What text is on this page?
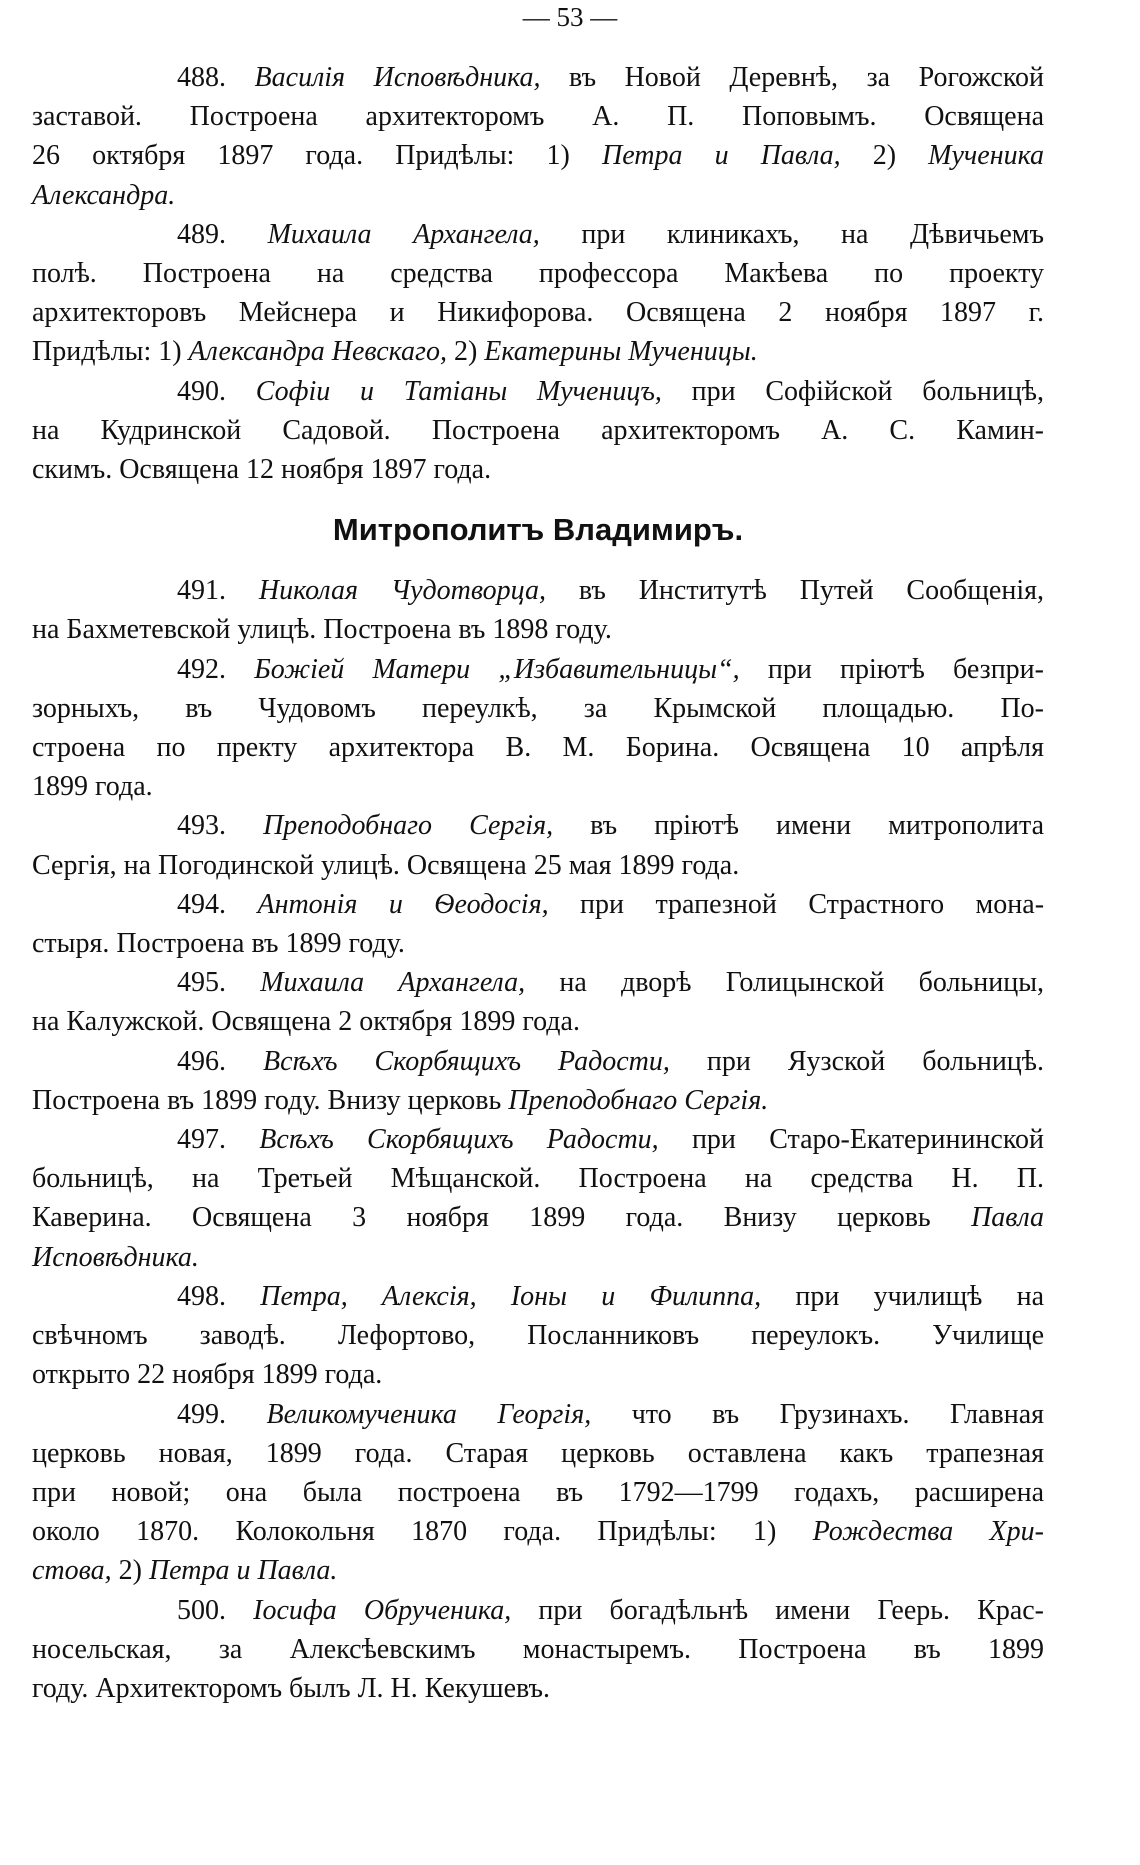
— 53 —
488. Василія Исповѣдника, въ Новой Деревнѣ, за Рогожской
заставой. Построена архитекторомъ А. П. Поповымъ. Освящена
26 октября 1897 года. Придѣлы: 1) Петра и Павла, 2) Мученика
Александра.
489. Михаила Архангела, при клиникахъ, на Дѣвичьемъ
полѣ. Построена на средства профессора Макѣева по проекту
архитекторовъ Мейснера и Никифорова. Освящена 2 ноября 1897 г.
Придѣлы: 1) Александра Невскаго, 2) Екатерины Мученицы.
490. Софіи и Татіаны Мученицъ, при Софійской больницѣ,
на Кудринской Садовой. Построена архитекторомъ А. С. Камин-
скимъ. Освящена 12 ноября 1897 года.
Митрополитъ Владимиръ.
491. Николая Чудотворца, въ Институтѣ Путей Сообщенія,
на Бахметевской улицѣ. Построена въ 1898 году.
492. Божіей Матери „Избавительницы“, при пріютѣ безпри-
зорныхъ, въ Чудовомъ переулкѣ, за Крымской площадью. По-
строена по пректу архитектора В. М. Борина. Освящена 10 апрѣля
1899 года.
493. Преподобнаго Сергія, въ пріютѣ имени митрополита
Сергія, на Погодинской улицѣ. Освящена 25 мая 1899 года.
494. Антонія и Ѳеодосія, при трапезной Страстного мона-
стыря. Построена въ 1899 году.
495. Михаила Архангела, на дворѣ Голицынской больницы,
на Калужской. Освящена 2 октября 1899 года.
496. Всѣхъ Скорбящихъ Радости, при Яузской больницѣ.
Построена въ 1899 году. Внизу церковь Преподобнаго Сергія.
497. Всѣхъ Скорбящихъ Радости, при Старо-Екатерининской
больницѣ, на Третьей Мѣщанской. Построена на средства Н. П.
Каверина. Освящена 3 ноября 1899 года. Внизу церковь Павла
Исповѣдника.
498. Петра, Алексія, Іоны и Филиппа, при училищѣ на
свѣчномъ заводѣ. Лефортово, Посланниковъ переулокъ. Училище
открыто 22 ноября 1899 года.
499. Великомученика Георгія, что въ Грузинахъ. Главная
церковь новая, 1899 года. Старая церковь оставлена какъ трапезная
при новой; она была построена въ 1792—1799 годахъ, расширена
около 1870. Колокольня 1870 года. Придѣлы: 1) Рождества Хри-
стова, 2) Петра и Павла.
500. Іосифа Обрученика, при богадѣльнѣ имени Геерь. Крас-
носельская, за Алексѣевскимъ монастыремъ. Построена въ 1899
году. Архитекторомъ былъ Л. Н. Кекушевъ.
